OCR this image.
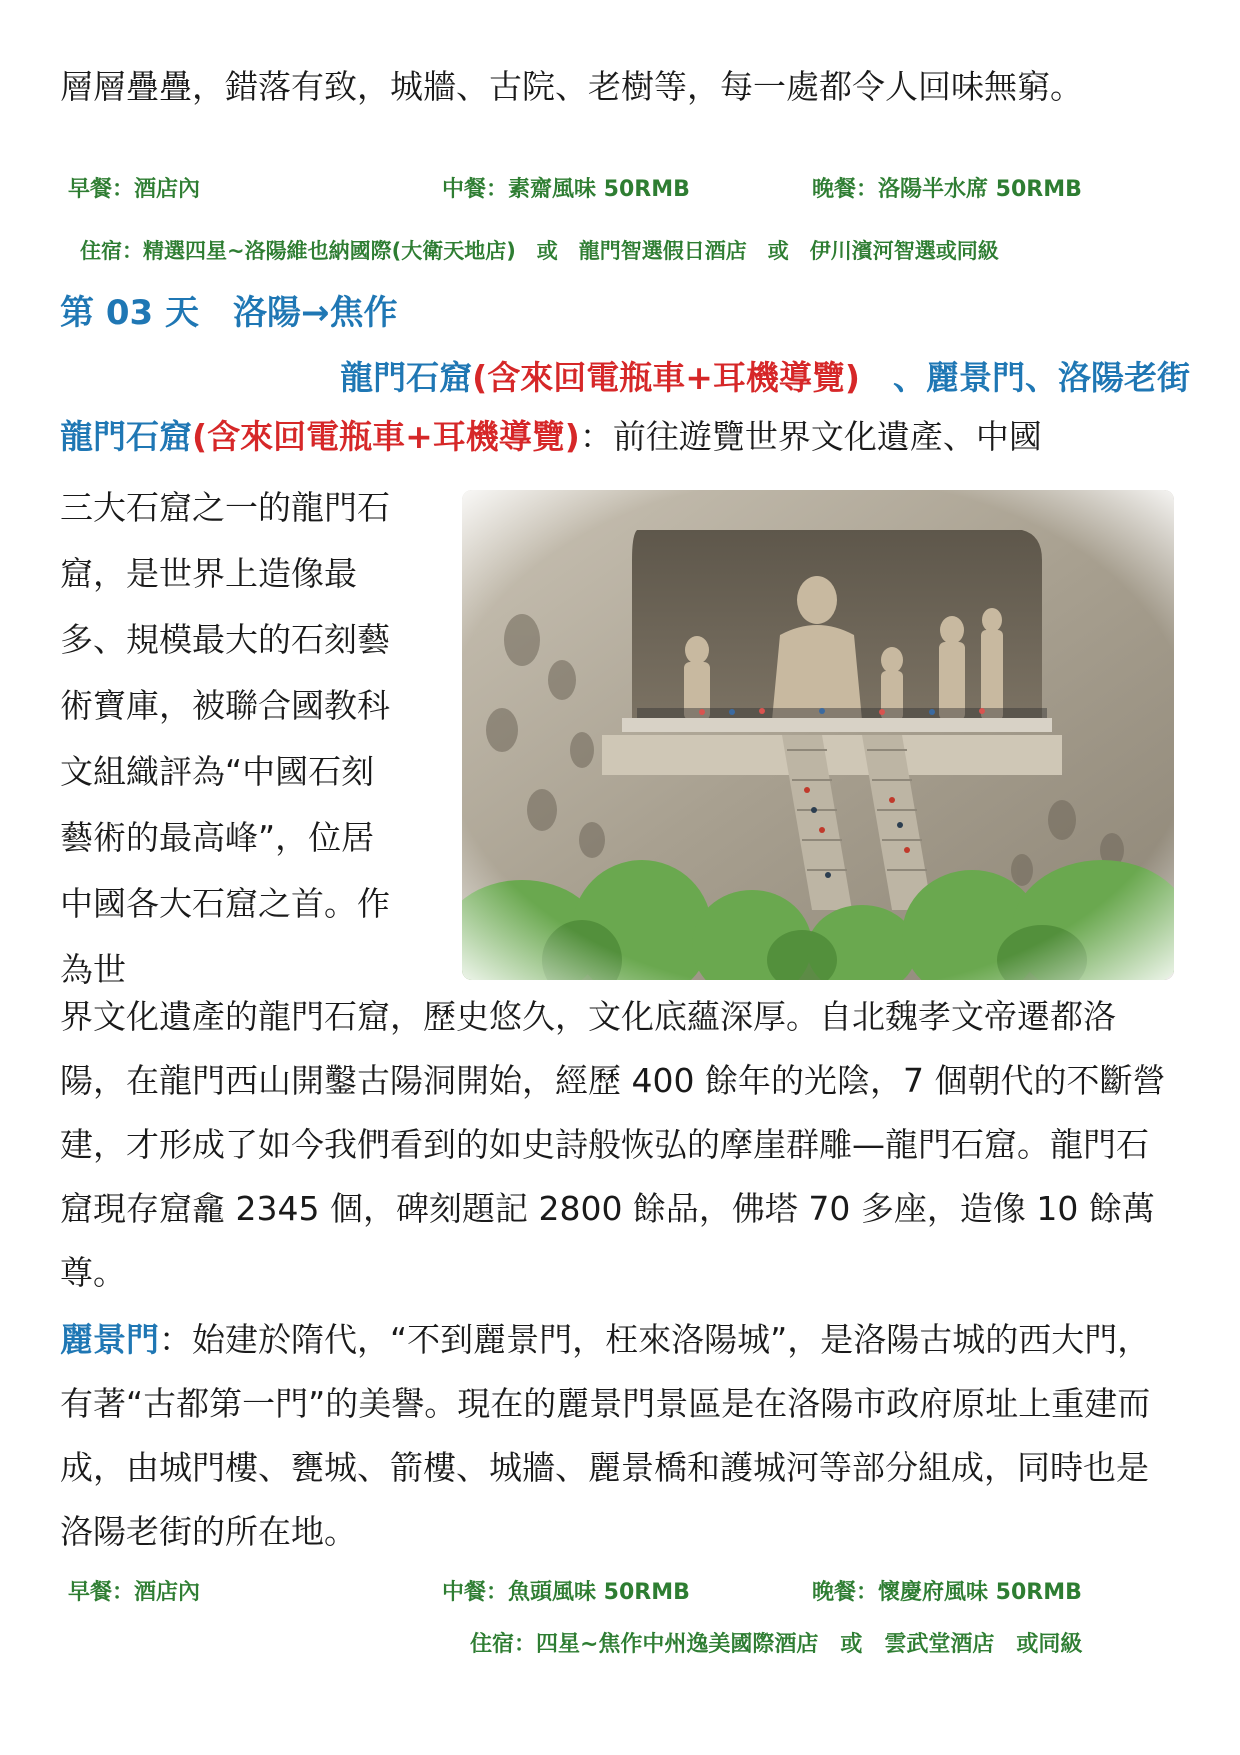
層層疊疊，錯落有致，城牆、古院、老樹等，每一處都令人回味無窮。

早餐：酒店內	中餐：素齋風味 50RMB	晚餐：洛陽半水席 50RMB
住宿：精選四星~洛陽維也納國際(大衛天地店)　或　龍門智選假日酒店　或　伊川濱河智選或同級
第 03 天　洛陽→焦作
龍門石窟(含來回電瓶車+耳機導覽)　、麗景門、洛陽老街

龍門石窟(含來回電瓶車+耳機導覽)：前往遊覽世界文化遺產、中國

三大石窟之一的龍門石窟，是世界上造像最多、規模最大的石刻藝術寶庫，被聯合國教科文組織評為“中國石刻藝術的最高峰”，位居中國各大石窟之首。作為世

界文化遺產的龍門石窟，歷史悠久，文化底蘊深厚。自北魏孝文帝遷都洛陽，在龍門西山開鑿古陽洞開始，經歷 400 餘年的光陰，7 個朝代的不斷營建，才形成了如今我們看到的如史詩般恢弘的摩崖群雕—龍門石窟。龍門石窟現存窟龕 2345 個，碑刻題記 2800 餘品，佛塔 70 多座，造像 10 餘萬尊。

麗景門：始建於隋代，“不到麗景門，枉來洛陽城”，是洛陽古城的西大門，有著“古都第一門”的美譽。現在的麗景門景區是在洛陽市政府原址上重建而成，由城門樓、甕城、箭樓、城牆、麗景橋和護城河等部分組成，同時也是洛陽老街的所在地。

早餐：酒店內	中餐：魚頭風味 50RMB	晚餐：懷慶府風味 50RMB
住宿：四星~焦作中州逸美國際酒店　或　雲武堂酒店　或同級
